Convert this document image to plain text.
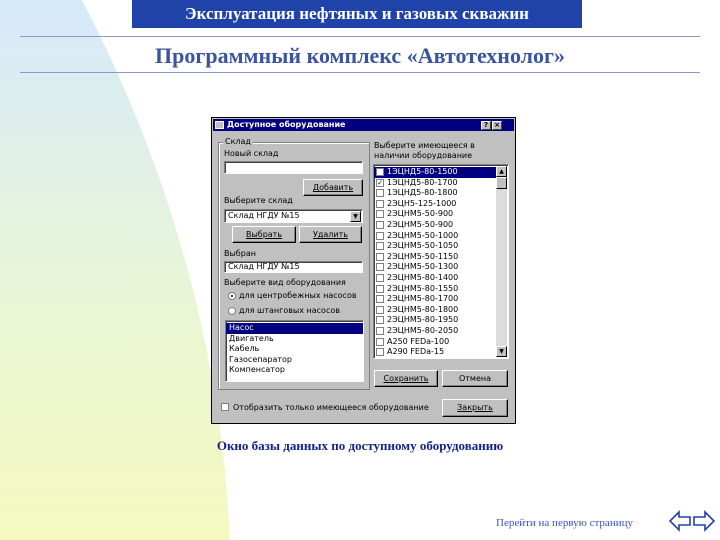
Эксплуатация нефтяных и газовых скважин
Программный комплекс «Автотехнолог»
Доступное оборудование	? ×
Склад
Новый склад
Добавить
Выберите склад
Склад НГДУ №15	▼
Выбрать	Удалить
Выбран
Склад НГДУ №15
Выберите вид оборудования
для центробежных насосов
для штанговых насосов
Насос
Двигатель
Кабель
Газосепаратор
Компенсатор
Выберите имеющееся в
наличии оборудование
✓ 1ЭЦНД5-80-1500
✓ 1ЭЦНД5-80-1700
1ЭЦНД5-80-1800
2ЭЦН5-125-1000
2ЭЦНМ5-50-900
2ЭЦНМ5-50-900
2ЭЦНМ5-50-1000
2ЭЦНМ5-50-1050
2ЭЦНМ5-50-1150
2ЭЦНМ5-50-1300
2ЭЦНМ5-80-1400
2ЭЦНМ5-80-1550
2ЭЦНМ5-80-1700
2ЭЦНМ5-80-1800
2ЭЦНМ5-80-1950
2ЭЦНМ5-80-2050
A250 FEDa-100
A290 FEDa-15
▲
▼
Сохранить	Отмена
Отобразить только имеющееся оборудование	Закрыть
Окно базы данных по доступному оборудованию
Перейти на первую страницу
